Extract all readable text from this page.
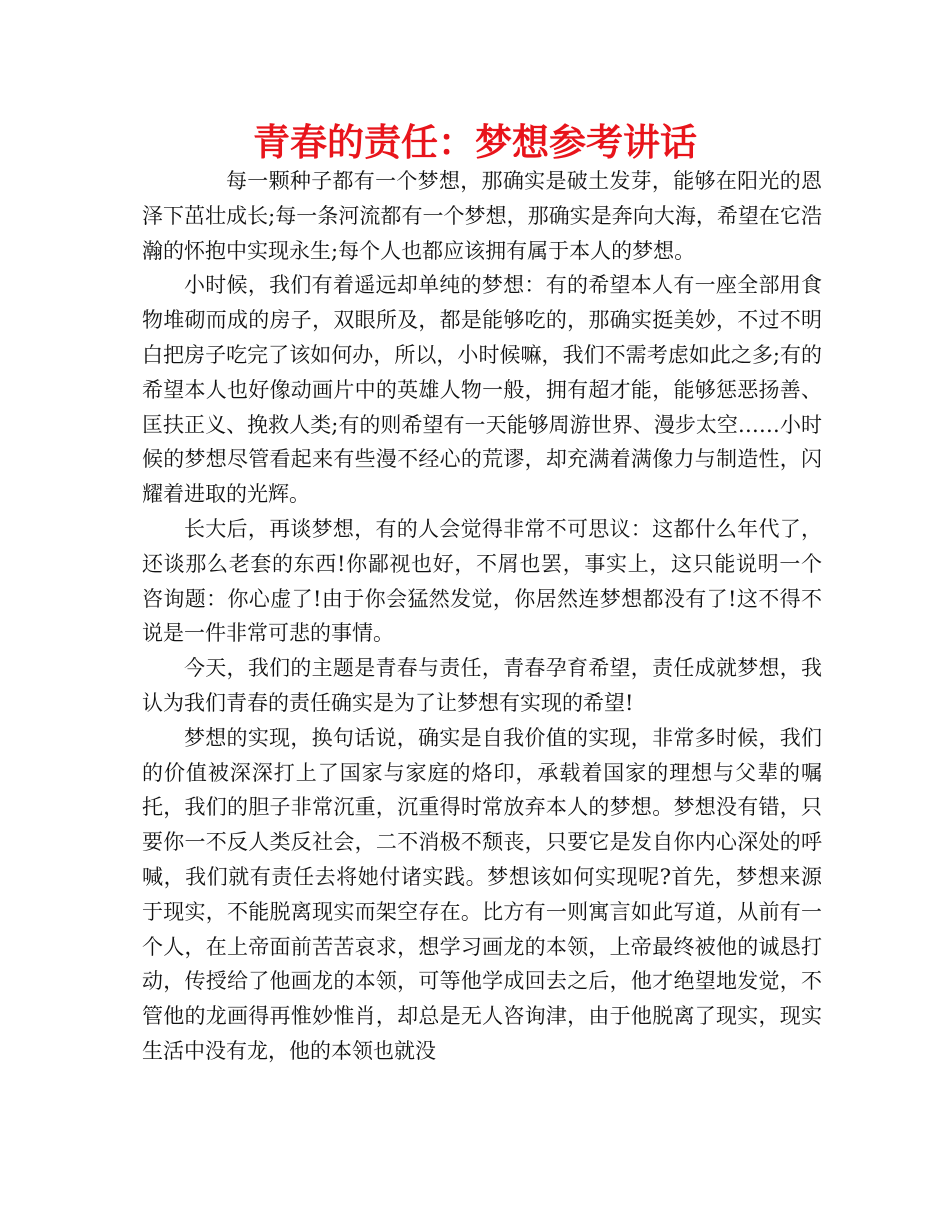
青春的责任：梦想参考讲话

每一颗种子都有一个梦想，那确实是破土发芽，能够在阳光的恩泽下茁壮成长;每一条河流都有一个梦想，那确实是奔向大海，希望在它浩瀚的怀抱中实现永生;每个人也都应该拥有属于本人的梦想。

小时候，我们有着遥远却单纯的梦想：有的希望本人有一座全部用食物堆砌而成的房子，双眼所及，都是能够吃的，那确实挺美妙，不过不明白把房子吃完了该如何办，所以，小时候嘛，我们不需考虑如此之多;有的希望本人也好像动画片中的英雄人物一般，拥有超才能，能够惩恶扬善、匡扶正义、挽救人类;有的则希望有一天能够周游世界、漫步太空……小时候的梦想尽管看起来有些漫不经心的荒谬，却充满着满像力与制造性，闪耀着进取的光辉。

长大后，再谈梦想，有的人会觉得非常不可思议：这都什么年代了，还谈那么老套的东西!你鄙视也好，不屑也罢，事实上，这只能说明一个咨询题：你心虚了!由于你会猛然发觉，你居然连梦想都没有了!这不得不说是一件非常可悲的事情。

今天，我们的主题是青春与责任，青春孕育希望，责任成就梦想，我认为我们青春的责任确实是为了让梦想有实现的希望!

梦想的实现，换句话说，确实是自我价值的实现，非常多时候，我们的价值被深深打上了国家与家庭的烙印，承载着国家的理想与父辈的嘱托，我们的胆子非常沉重，沉重得时常放弃本人的梦想。梦想没有错，只要你一不反人类反社会，二不消极不颓丧，只要它是发自你内心深处的呼喊，我们就有责任去将她付诸实践。梦想该如何实现呢?首先，梦想来源于现实，不能脱离现实而架空存在。比方有一则寓言如此写道，从前有一个人，在上帝面前苦苦哀求，想学习画龙的本领，上帝最终被他的诚恳打动，传授给了他画龙的本领，可等他学成回去之后，他才绝望地发觉，不管他的龙画得再惟妙惟肖，却总是无人咨询津，由于他脱离了现实，现实生活中没有龙，他的本领也就没
